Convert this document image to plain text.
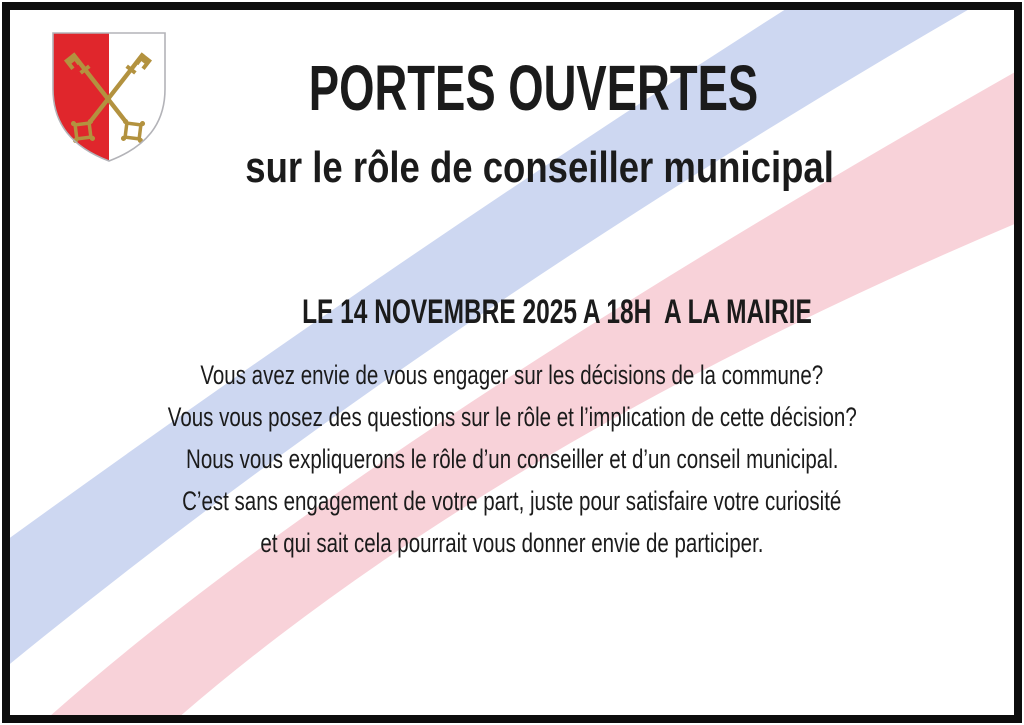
PORTES OUVERTES
sur le rôle de conseiller municipal

LE 14 NOVEMBRE 2025 A 18H  A LA MAIRIE

Vous avez envie de vous engager sur les décisions de la commune?
Vous vous posez des questions sur le rôle et l’implication de cette décision?
Nous vous expliquerons le rôle d’un conseiller et d’un conseil municipal.
C’est sans engagement de votre part, juste pour satisfaire votre curiosité
et qui sait cela pourrait vous donner envie de participer.
